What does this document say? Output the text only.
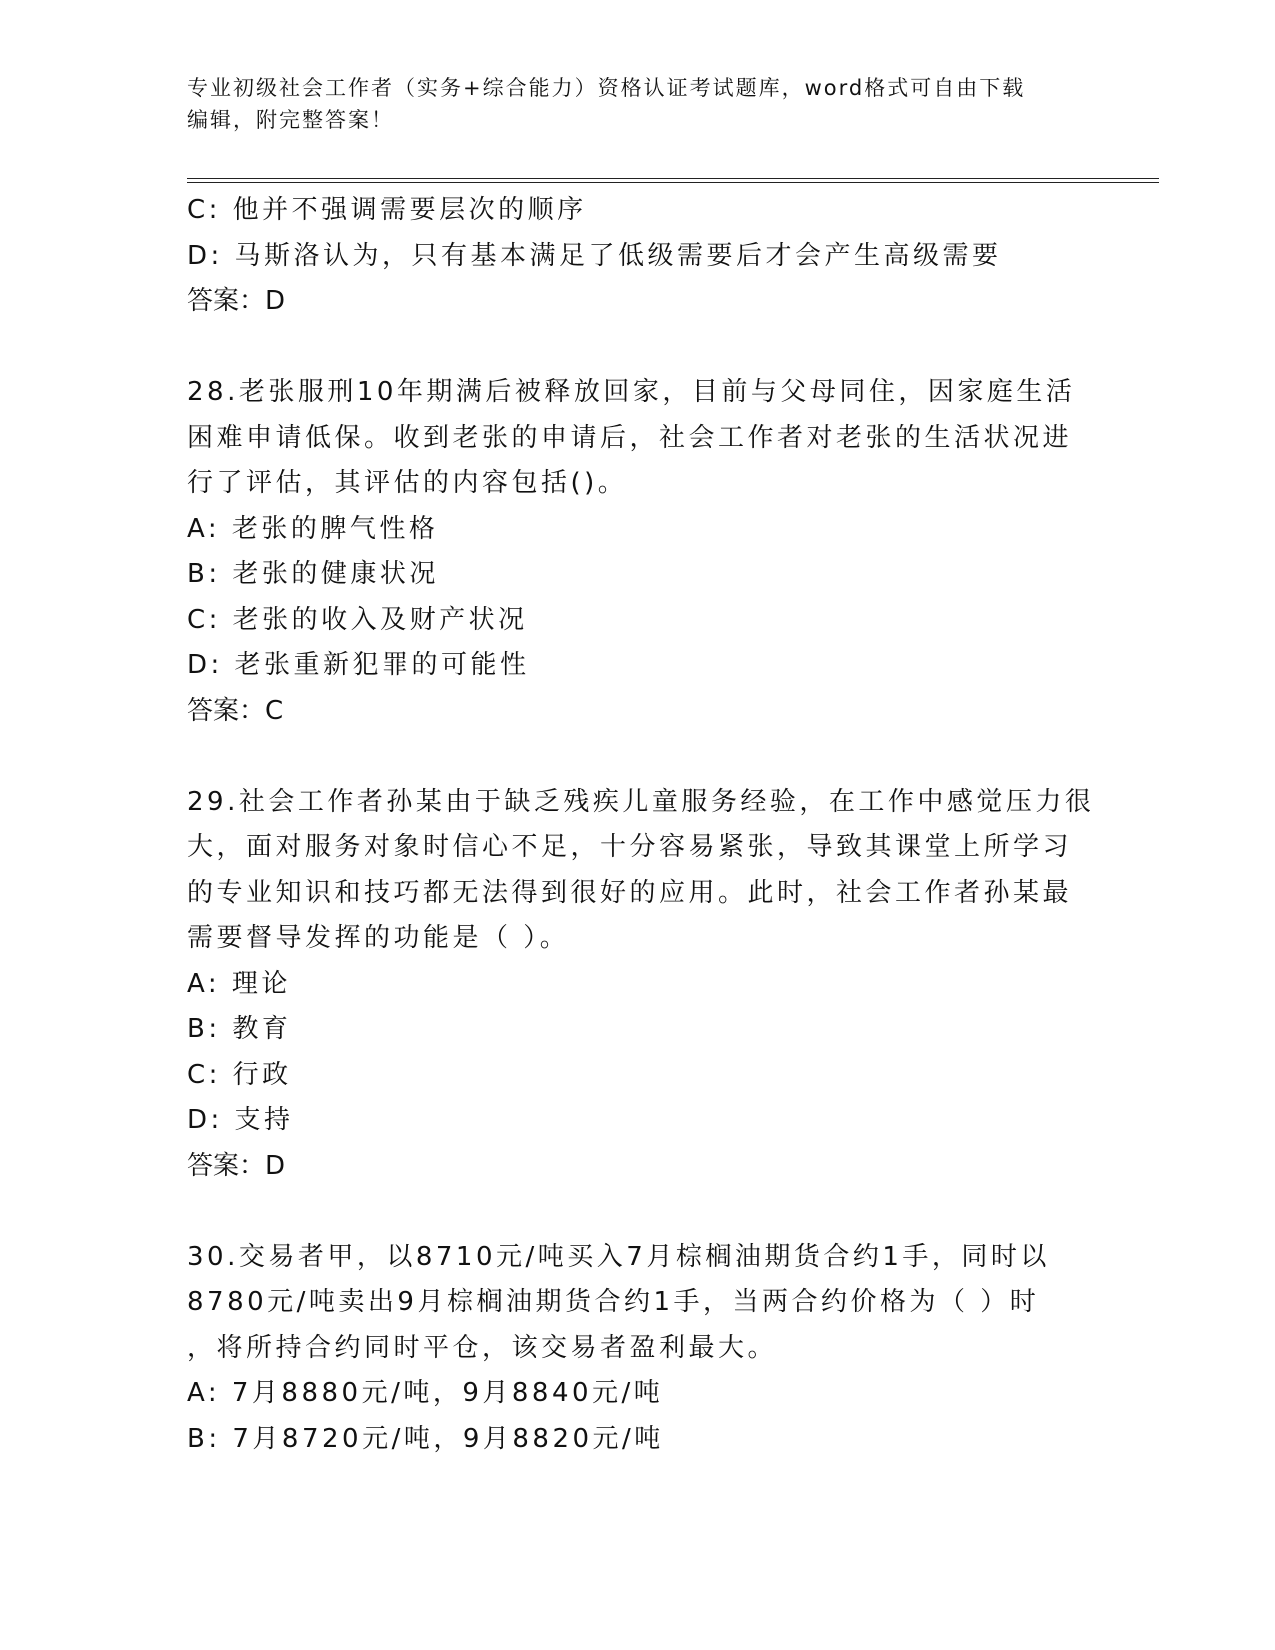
专业初级社会工作者（实务+综合能力）资格认证考试题库，word格式可自由下载
编辑，附完整答案！
C: 他并不强调需要层次的顺序
D: 马斯洛认为，只有基本满足了低级需要后才会产生高级需要
答案：D
28.老张服刑10年期满后被释放回家，目前与父母同住，因家庭生活
困难申请低保。收到老张的申请后，社会工作者对老张的生活状况进
行了评估，其评估的内容包括()。
A: 老张的脾气性格
B: 老张的健康状况
C: 老张的收入及财产状况
D: 老张重新犯罪的可能性
答案：C
29.社会工作者孙某由于缺乏残疾儿童服务经验，在工作中感觉压力很
大，面对服务对象时信心不足，十分容易紧张，导致其课堂上所学习
的专业知识和技巧都无法得到很好的应用。此时，社会工作者孙某最
需要督导发挥的功能是（ ）。
A: 理论
B: 教育
C: 行政
D: 支持
答案：D
30.交易者甲，以8710元/吨买入7月棕榈油期货合约1手，同时以
8780元/吨卖出9月棕榈油期货合约1手，当两合约价格为（ ）时
，将所持合约同时平仓，该交易者盈利最大。
A: 7月8880元/吨，9月8840元/吨
B: 7月8720元/吨，9月8820元/吨
